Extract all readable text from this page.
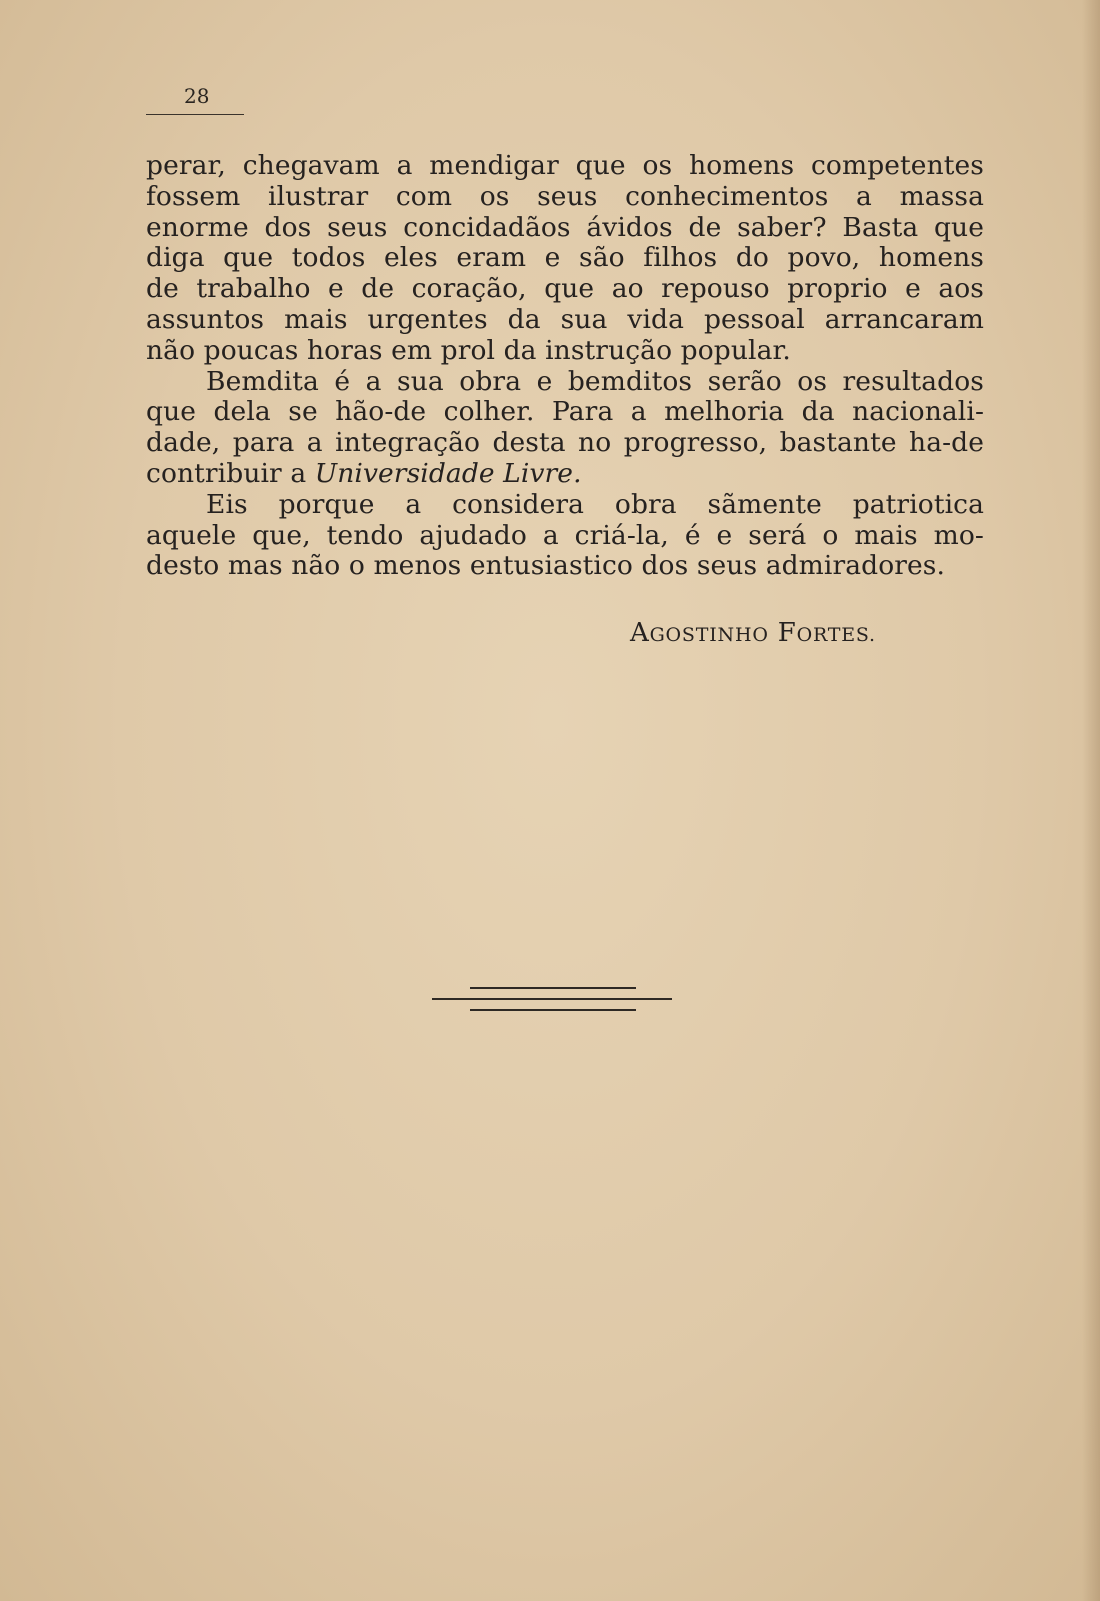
28
perar, chegavam a mendigar que os homens competentes
fossem ilustrar com os seus conhecimentos a massa
enorme dos seus concidadãos ávidos de saber? Basta que
diga que todos eles eram e são filhos do povo, homens
de trabalho e de coração, que ao repouso proprio e aos
assuntos mais urgentes da sua vida pessoal arrancaram
não poucas horas em prol da instrução popular.
Bemdita é a sua obra e bemditos serão os resultados
que dela se hão-de colher. Para a melhoria da nacionali-
dade, para a integração desta no progresso, bastante ha-de
contribuir a Universidade Livre.
Eis porque a considera obra sãmente patriotica
aquele que, tendo ajudado a criá-la, é e será o mais mo-
desto mas não o menos entusiastico dos seus admiradores.
AGOSTINHO FORTES.
